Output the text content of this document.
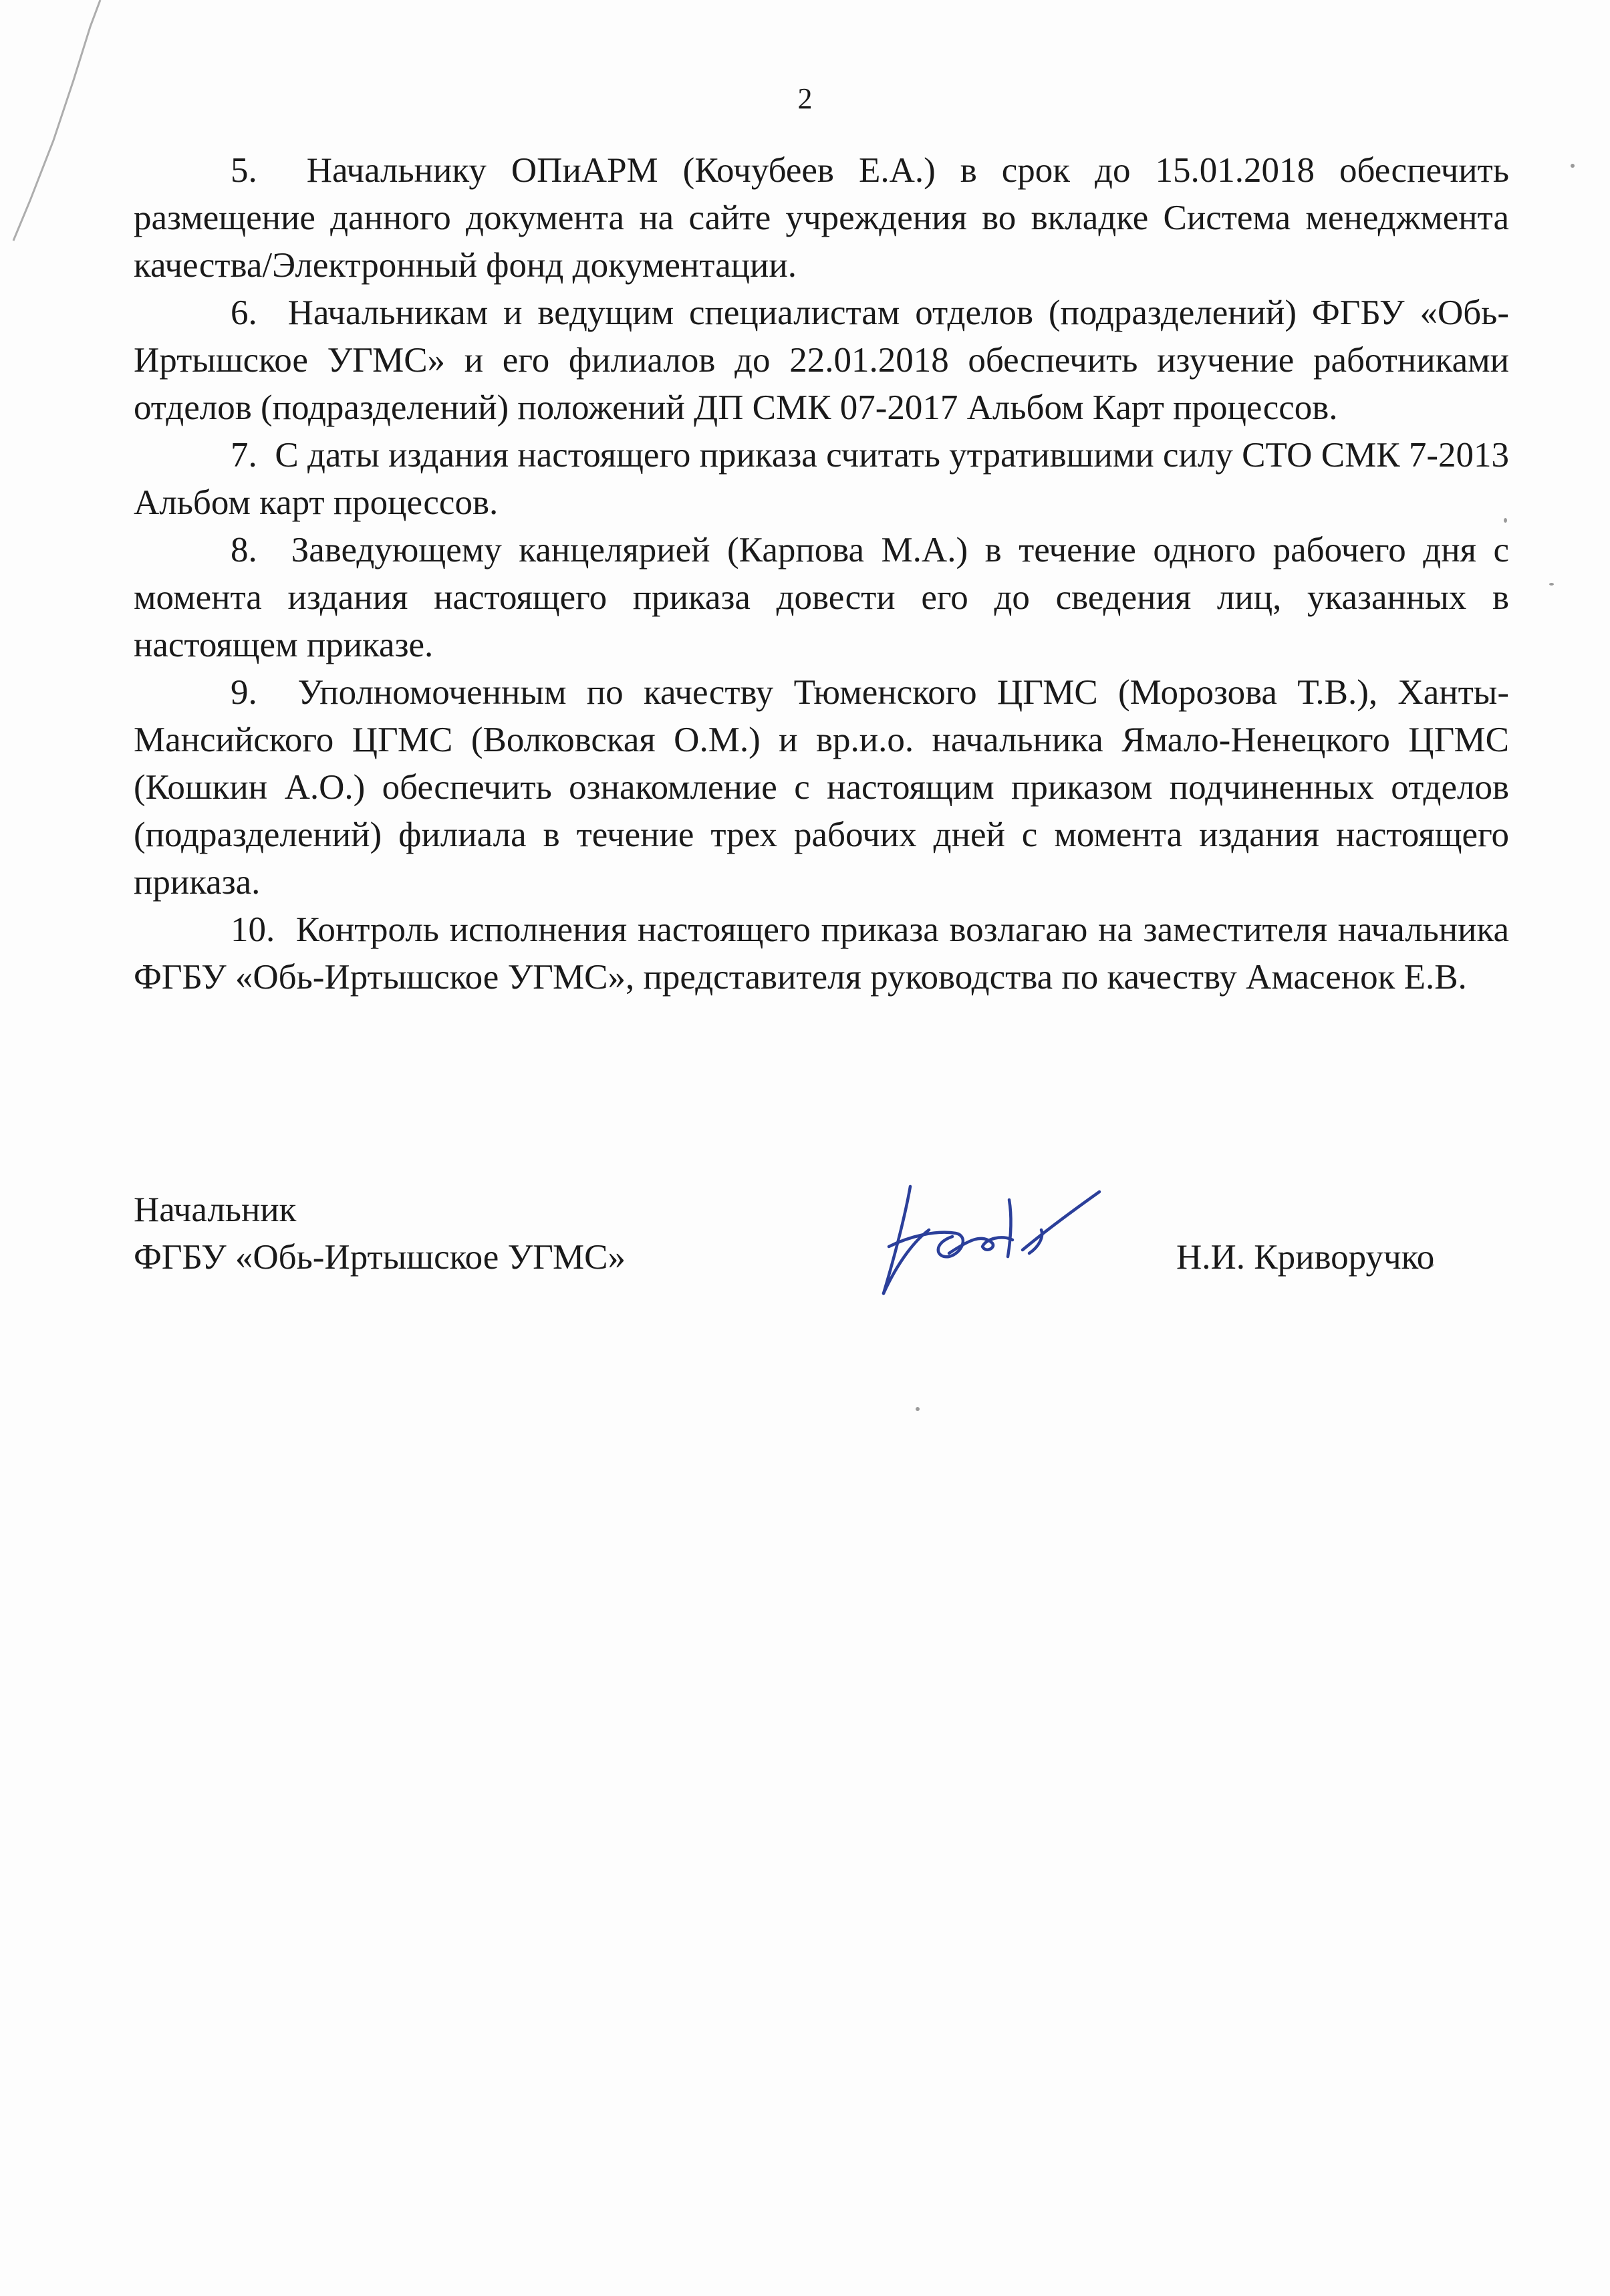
2

5. Начальнику ОПиАРМ (Кочубеев Е.А.) в срок до 15.01.2018 обеспечить размещение данного документа на сайте учреждения во вкладке Система менеджмента качества/Электронный фонд документации.

6. Начальникам и ведущим специалистам отделов (подразделений) ФГБУ «Обь-Иртышское УГМС» и его филиалов до 22.01.2018 обеспечить изучение работниками отделов (подразделений) положений ДП СМК 07-2017 Альбом Карт процессов.

7. С даты издания настоящего приказа считать утратившими силу СТО СМК 7-2013 Альбом карт процессов.

8. Заведующему канцелярией (Карпова М.А.) в течение одного рабочего дня с момента издания настоящего приказа довести его до сведения лиц, указанных в настоящем приказе.

9. Уполномоченным по качеству Тюменского ЦГМС (Морозова Т.В.), Ханты-Мансийского ЦГМС (Волковская О.М.) и вр.и.о. начальника Ямало-Ненецкого ЦГМС (Кошкин А.О.) обеспечить ознакомление с настоящим приказом подчиненных отделов (подразделений) филиала в течение трех рабочих дней с момента издания настоящего приказа.

10. Контроль исполнения настоящего приказа возлагаю на заместителя начальника ФГБУ «Обь-Иртышское УГМС», представителя руководства по качеству Амасенок Е.В.

Начальник
ФГБУ «Обь-Иртышское УГМС»	Н.И. Криворучко
